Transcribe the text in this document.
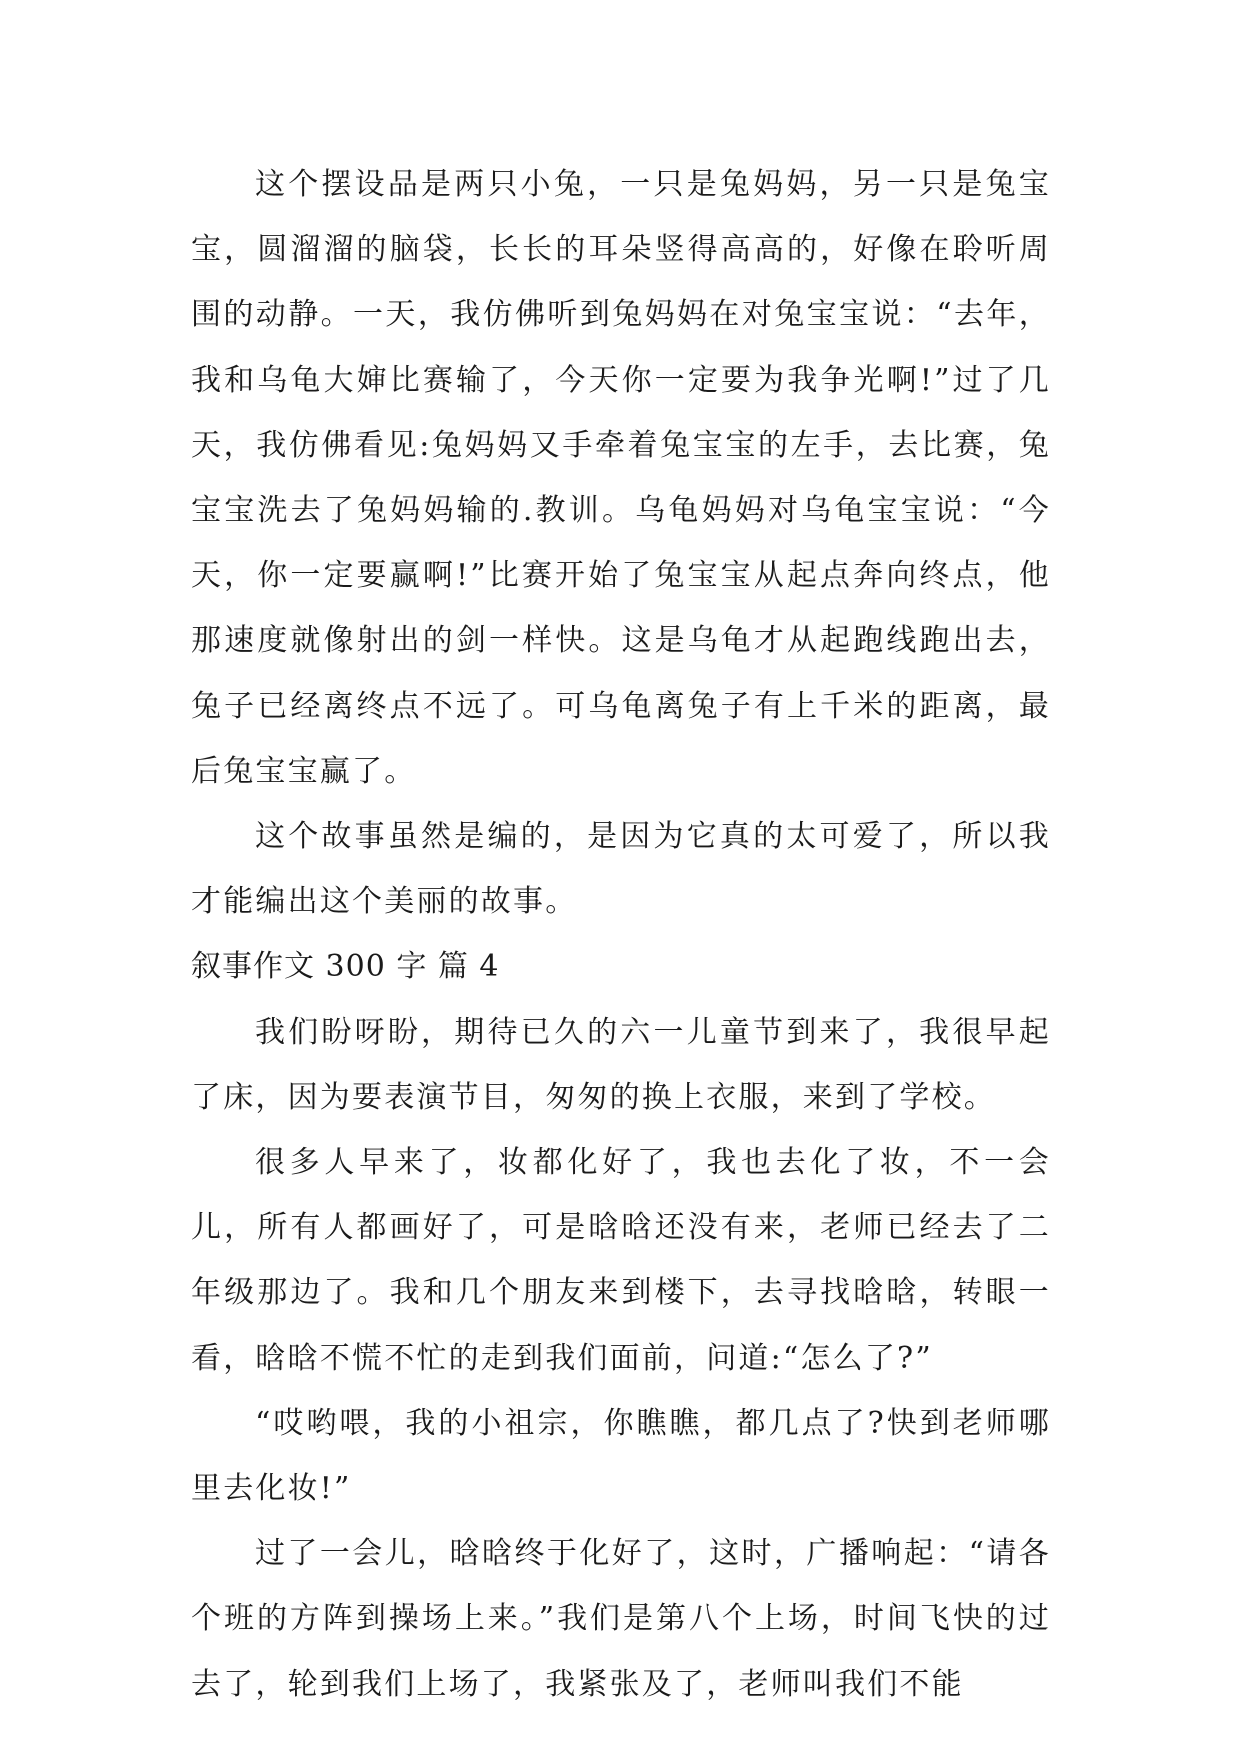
这个摆设品是两只小兔，一只是兔妈妈，另一只是兔宝宝，圆溜溜的脑袋，长长的耳朵竖得高高的，好像在聆听周围的动静。一天，我仿佛听到兔妈妈在对兔宝宝说：“去年，我和乌龟大婶比赛输了，今天你一定要为我争光啊!”过了几天，我仿佛看见:兔妈妈又手牵着兔宝宝的左手，去比赛，兔宝宝洗去了兔妈妈输的.教训。乌龟妈妈对乌龟宝宝说：“今天，你一定要赢啊!”比赛开始了兔宝宝从起点奔向终点，他那速度就像射出的剑一样快。这是乌龟才从起跑线跑出去，兔子已经离终点不远了。可乌龟离兔子有上千米的距离，最后兔宝宝赢了。

这个故事虽然是编的，是因为它真的太可爱了，所以我才能编出这个美丽的故事。

叙事作文 300 字 篇 4

我们盼呀盼，期待已久的六一儿童节到来了，我很早起了床，因为要表演节目，匆匆的换上衣服，来到了学校。

很多人早来了，妆都化好了，我也去化了妆，不一会儿，所有人都画好了，可是晗晗还没有来，老师已经去了二年级那边了。我和几个朋友来到楼下，去寻找晗晗，转眼一看，晗晗不慌不忙的走到我们面前，问道:“怎么了?”

“哎哟喂，我的小祖宗，你瞧瞧，都几点了?快到老师哪里去化妆!”

过了一会儿，晗晗终于化好了，这时，广播响起：“请各个班的方阵到操场上来。”我们是第八个上场，时间飞快的过去了，轮到我们上场了，我紧张及了，老师叫我们不能
